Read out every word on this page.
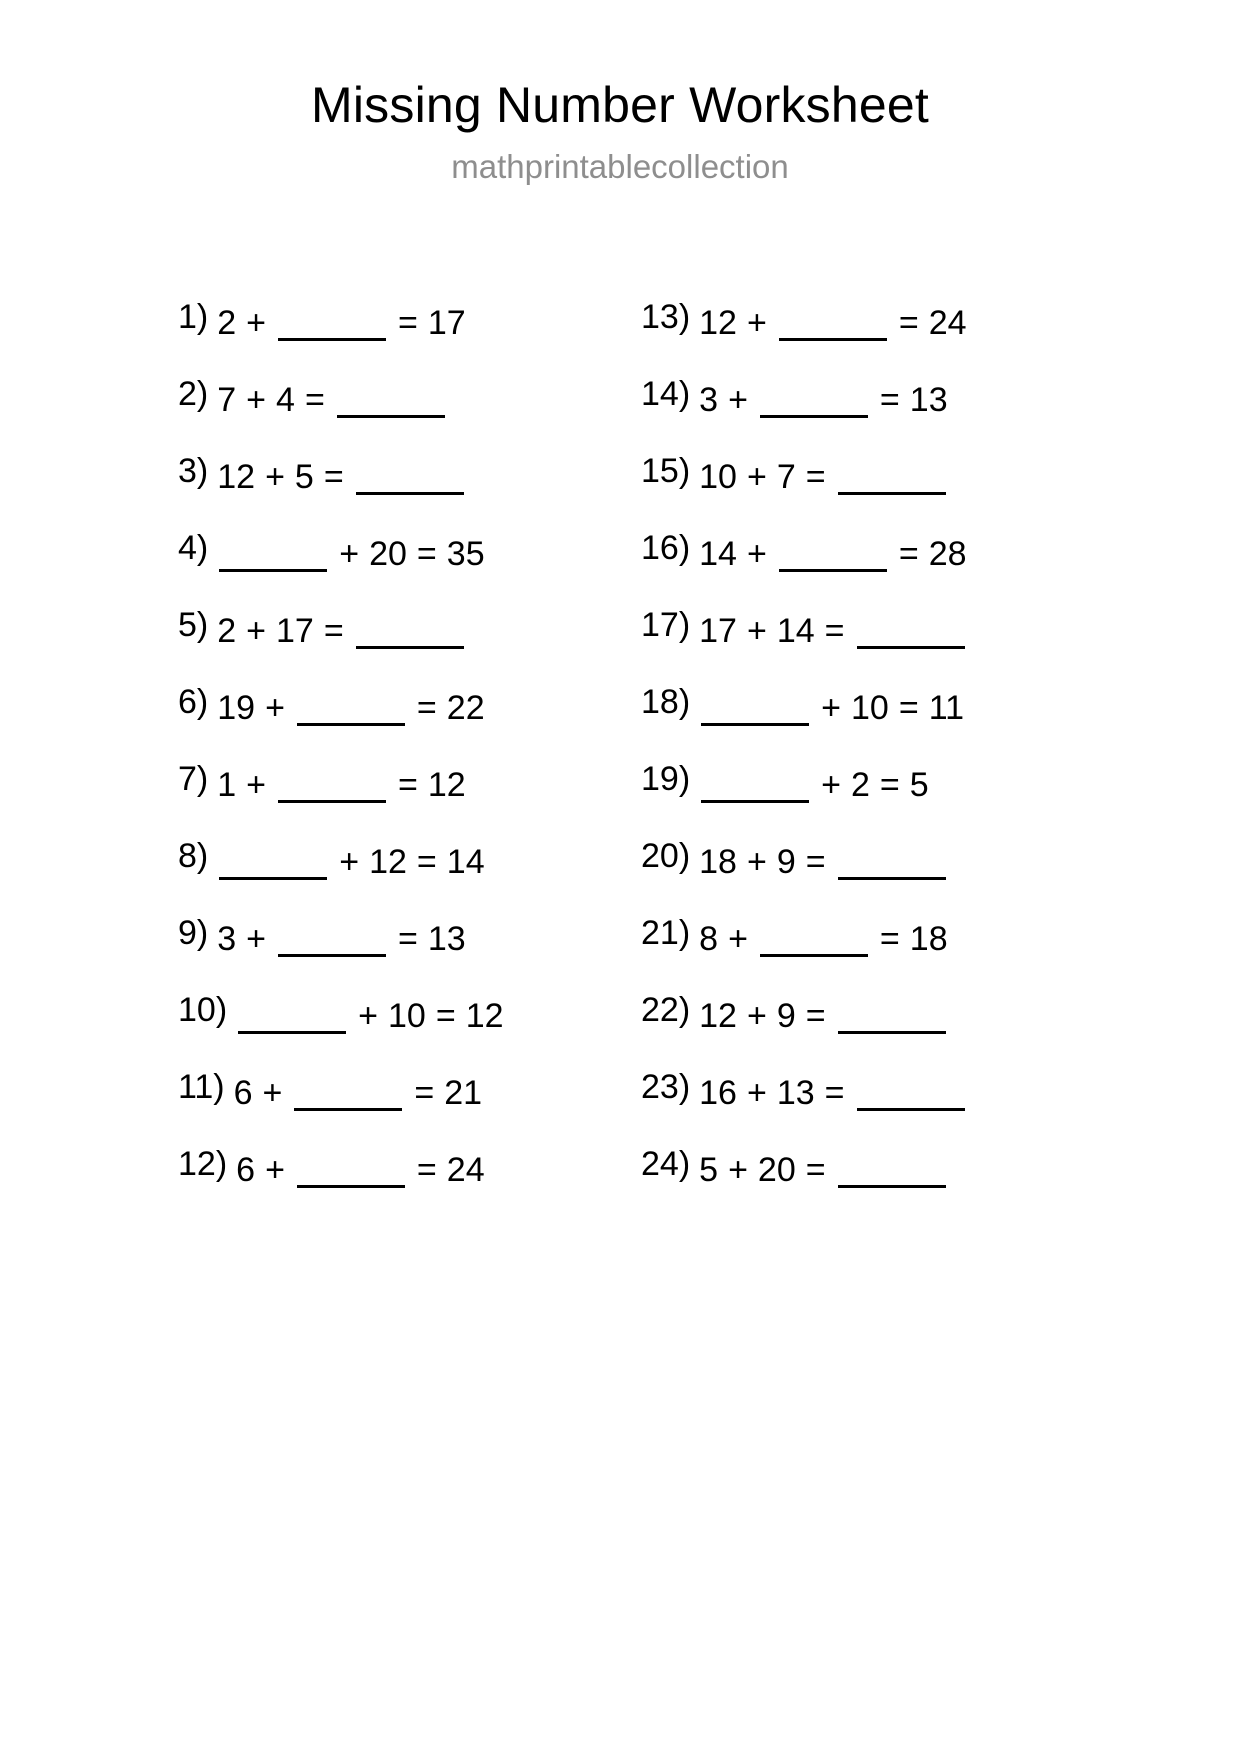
Missing Number Worksheet
mathprintablecollection
1) 2 +	= 17
2) 7 + 4 =
3) 12 + 5 =
4)	+ 20 = 35
5) 2 + 17 =
6) 19 +	= 22
7) 1 +	= 12
8)	+ 12 = 14
9) 3 +	= 13
10)	+ 10 = 12
11) 6 +	= 21
12) 6 +	= 24
13) 12 +	= 24
14) 3 +	= 13
15) 10 + 7 =
16) 14 +	= 28
17) 17 + 14 =
18)	+ 10 = 11
19)	+ 2 = 5
20) 18 + 9 =
21) 8 +	= 18
22) 12 + 9 =
23) 16 + 13 =
24) 5 + 20 =
